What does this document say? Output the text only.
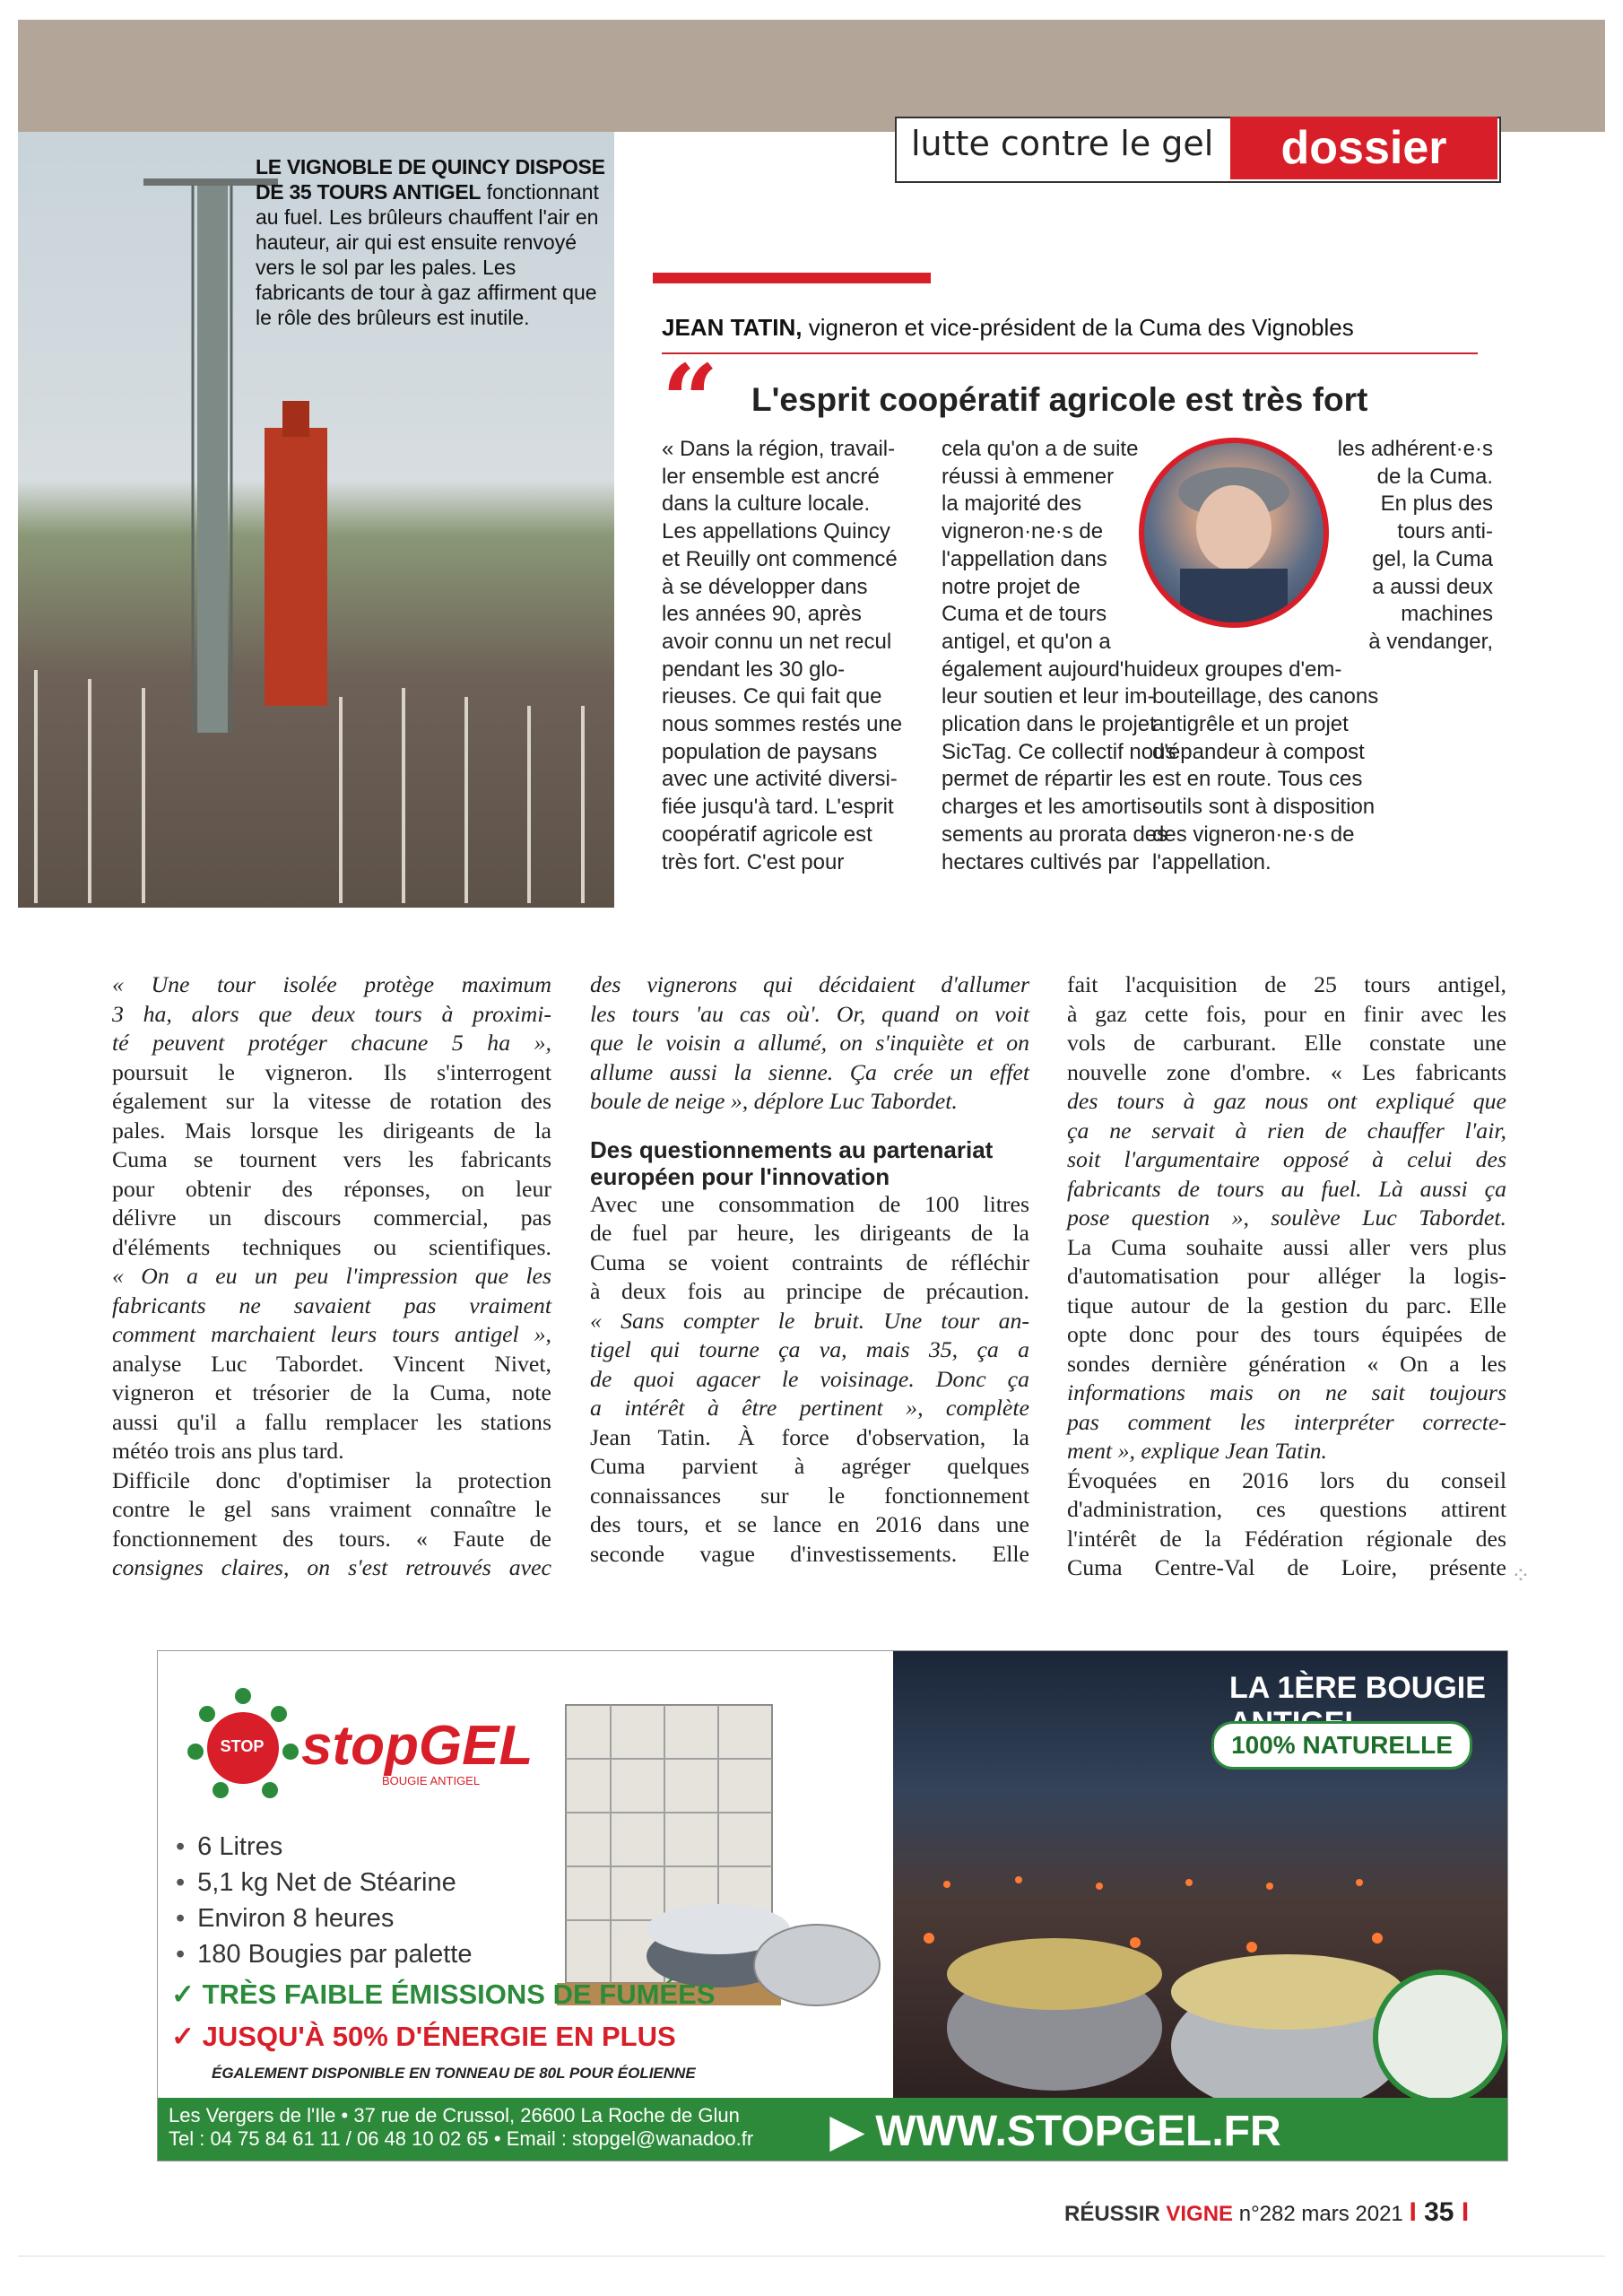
lutte contre le gel	dossier
LE VIGNOBLE DE QUINCY DISPOSE DE 35 TOURS ANTIGEL fonctionnant au fuel. Les brûleurs chauffent l'air en hauteur, air qui est ensuite renvoyé vers le sol par les pales. Les fabricants de tour à gaz affirment que le rôle des brûleurs est inutile.	JEAN TATIN, vigneron et vice-président de la Cuma des Vignobles
“ L'esprit coopératif agricole est très fort
« Dans la région, travail-
ler ensemble est ancré
dans la culture locale.
Les appellations Quincy
et Reuilly ont commencé
à se développer dans
les années 90, après
avoir connu un net recul
pendant les 30 glo-
rieuses. Ce qui fait que
nous sommes restés une
population de paysans
avec une activité diversi-
fiée jusqu'à tard. L'esprit
coopératif agricole est
très fort. C'est pour
cela qu'on a de suite
réussi à emmener
la majorité des
vigneron·ne·s de
l'appellation dans
notre projet de
Cuma et de tours
antigel, et qu'on a
également aujourd'hui
leur soutien et leur im-
plication dans le projet
SicTag. Ce collectif nous
permet de répartir les
charges et les amortis-
sements au prorata des
hectares cultivés par
les adhérent·e·s
de la Cuma.
En plus des
tours anti-
gel, la Cuma
a aussi deux
machines
à vendanger,
deux groupes d'em-
bouteillage, des canons
antigrêle et un projet
d'épandeur à compost
est en route. Tous ces
outils sont à disposition
des vigneron·ne·s de
l'appellation.
« Une tour isolée protège maximum
3 ha, alors que deux tours à proximi-
té peuvent protéger chacune 5 ha »,
poursuit le vigneron. Ils s'interrogent
également sur la vitesse de rotation des
pales. Mais lorsque les dirigeants de la
Cuma se tournent vers les fabricants
pour obtenir des réponses, on leur
délivre un discours commercial, pas
d'éléments techniques ou scientifiques.
« On a eu un peu l'impression que les
fabricants ne savaient pas vraiment
comment marchaient leurs tours antigel »,
analyse Luc Tabordet. Vincent Nivet,
vigneron et trésorier de la Cuma, note
aussi qu'il a fallu remplacer les stations
météo trois ans plus tard.
Difficile donc d'optimiser la protection
contre le gel sans vraiment connaître le
fonctionnement des tours. « Faute de
consignes claires, on s'est retrouvés avec
des vignerons qui décidaient d'allumer
les tours 'au cas où'. Or, quand on voit
que le voisin a allumé, on s'inquiète et on
allume aussi la sienne. Ça crée un effet
boule de neige », déplore Luc Tabordet.
Des questionnements au partenariat européen pour l'innovation
Avec une consommation de 100 litres
de fuel par heure, les dirigeants de la
Cuma se voient contraints de réfléchir
à deux fois au principe de précaution.
« Sans compter le bruit. Une tour an-
tigel qui tourne ça va, mais 35, ça a
de quoi agacer le voisinage. Donc ça
a intérêt à être pertinent », complète
Jean Tatin. À force d'observation, la
Cuma parvient à agréger quelques
connaissances sur le fonctionnement
des tours, et se lance en 2016 dans une
seconde vague d'investissements. Elle
fait l'acquisition de 25 tours antigel,
à gaz cette fois, pour en finir avec les
vols de carburant. Elle constate une
nouvelle zone d'ombre. « Les fabricants
des tours à gaz nous ont expliqué que
ça ne servait à rien de chauffer l'air,
soit l'argumentaire opposé à celui des
fabricants de tours au fuel. Là aussi ça
pose question », soulève Luc Tabordet.
La Cuma souhaite aussi aller vers plus
d'automatisation pour alléger la logis-
tique autour de la gestion du parc. Elle
opte donc pour des tours équipées de
sondes dernière génération « On a les
informations mais on ne sait toujours
pas comment les interpréter correcte-
ment », explique Jean Tatin.
Évoquées en 2016 lors du conseil
d'administration, ces questions attirent
l'intérêt de la Fédération régionale des
Cuma Centre-Val de Loire, présente ⁘
LA 1ÈRE BOUGIE
100% NATURELLE
STOP stopGEL
BOUGIE ANTIGEL
• 6 Litres
• 5,1 kg Net de Stéarine
• Environ 8 heures
• 180 Bougies par palette
✓ TRÈS FAIBLE ÉMISSIONS DE FUMÉES
✓ JUSQU'À 50% D'ÉNERGIE EN PLUS
ÉGALEMENT DISPONIBLE EN TONNEAU DE 80L POUR ÉOLIENNE
Les Vergers de l'Ile • 37 rue de Crussol, 26600 La Roche de Glun
Tel : 04 75 84 61 11 / 06 48 10 02 65 • Email : stopgel@wanadoo.fr ▶ WWW.STOPGEL.FR
RÉUSSIR VIGNE n°282 mars 2021 I 35 I
